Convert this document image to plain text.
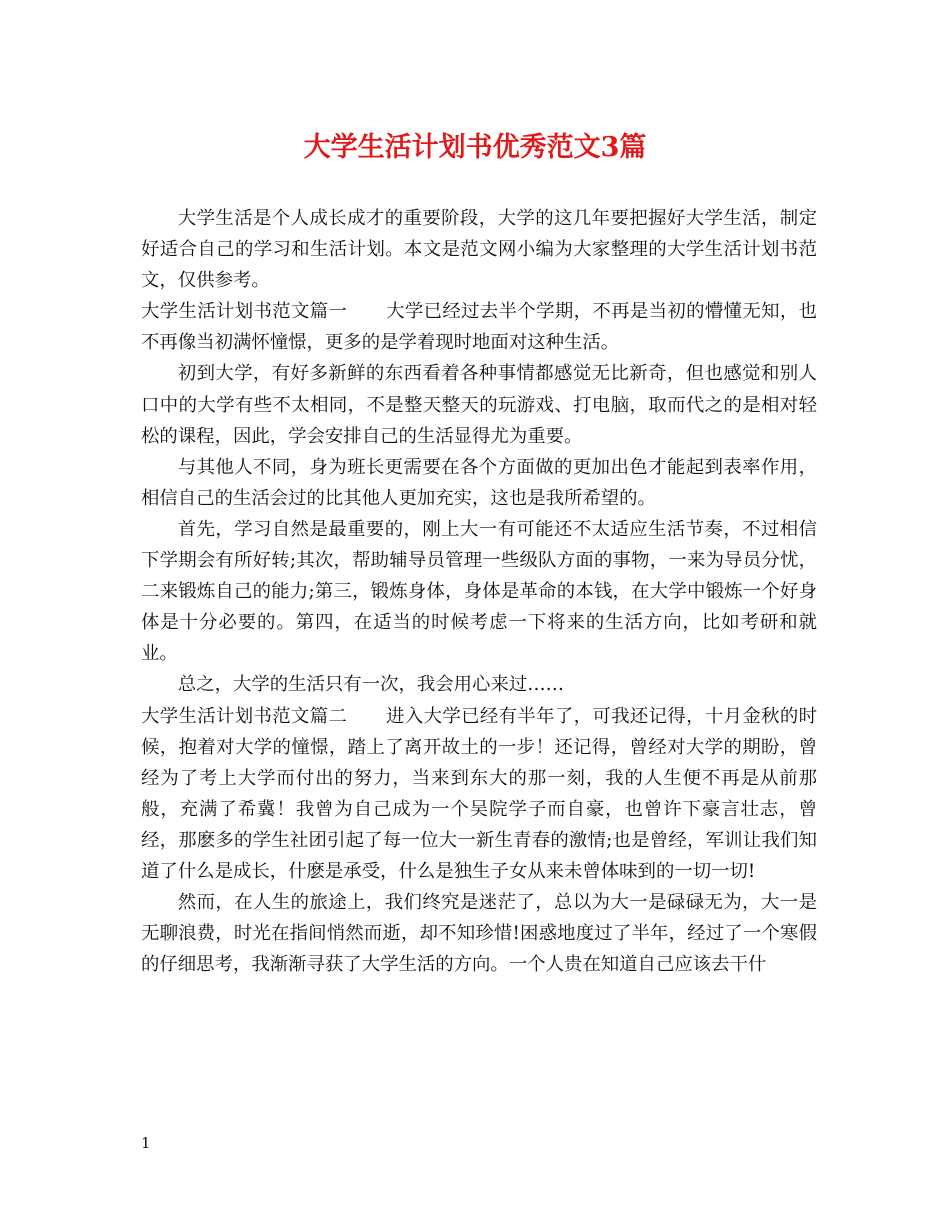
大学生活计划书优秀范文3篇

大学生活是个人成长成才的重要阶段，大学的这几年要把握好大学生活，制定好适合自己的学习和生活计划。本文是范文网小编为大家整理的大学生活计划书范文，仅供参考。

大学生活计划书范文篇一 大学已经过去半个学期，不再是当初的懵懂无知，也不再像当初满怀憧憬，更多的是学着现时地面对这种生活。

初到大学，有好多新鲜的东西看着各种事情都感觉无比新奇，但也感觉和别人口中的大学有些不太相同，不是整天整天的玩游戏、打电脑，取而代之的是相对轻松的课程，因此，学会安排自己的生活显得尤为重要。

与其他人不同，身为班长更需要在各个方面做的更加出色才能起到表率作用，相信自己的生活会过的比其他人更加充实，这也是我所希望的。

首先，学习自然是最重要的，刚上大一有可能还不太适应生活节奏，不过相信下学期会有所好转;其次，帮助辅导员管理一些级队方面的事物，一来为导员分忧，二来锻炼自己的能力;第三，锻炼身体，身体是革命的本钱，在大学中锻炼一个好身体是十分必要的。第四，在适当的时候考虑一下将来的生活方向，比如考研和就业。

总之，大学的生活只有一次，我会用心来过……

大学生活计划书范文篇二 进入大学已经有半年了，可我还记得，十月金秋的时候，抱着对大学的憧憬，踏上了离开故土的一步！还记得，曾经对大学的期盼，曾经为了考上大学而付出的努力，当来到东大的那一刻，我的人生便不再是从前那般，充满了希冀！我曾为自己成为一个吴院学子而自豪，也曾许下豪言壮志，曾经，那麽多的学生社团引起了每一位大一新生青春的激情;也是曾经，军训让我们知道了什么是成长，什麽是承受，什么是独生子女从来未曾体味到的一切一切!

然而，在人生的旅途上，我们终究是迷茫了，总以为大一是碌碌无为，大一是无聊浪费，时光在指间悄然而逝，却不知珍惜!困惑地度过了半年，经过了一个寒假的仔细思考，我渐渐寻获了大学生活的方向。一个人贵在知道自己应该去干什

1
